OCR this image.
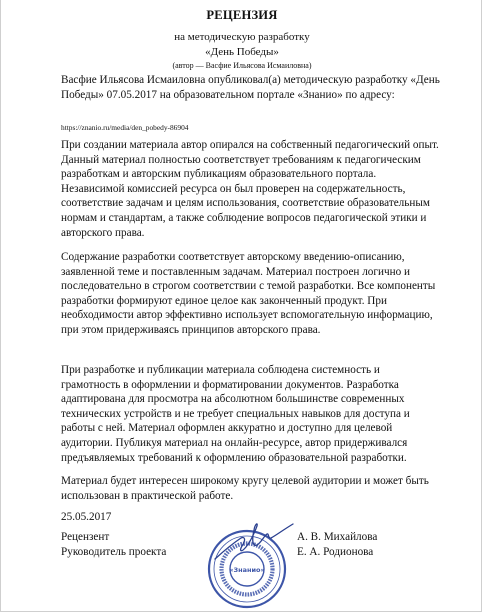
РЕЦЕНЗИЯ
на методическую разработку
«День Победы»
(автор — Васфие Ильясова Исмаиловна)
Васфие Ильясова Исмаиловна опубликовал(а) методическую разработку «День Победы» 07.05.2017 на образовательном портале «Знанио» по адресу:
https://znanio.ru/media/den_pobedy-86904

При создании материала автор опирался на собственный педагогический опыт. Данный материал полностью соответствует требованиям к педагогическим разработкам и авторским публикациям образовательного портала. Независимой комиссией ресурса он был проверен на содержательность, соответствие задачам и целям использования, соответствие образовательным нормам и стандартам, а также соблюдение вопросов педагогической этики и авторского права.

Содержание разработки соответствует авторскому введению-описанию, заявленной теме и поставленным задачам. Материал построен логично и последовательно в строгом соответствии с темой разработки. Все компоненты разработки формируют единое целое как законченный продукт. При необходимости автор эффективно использует вспомогательную информацию, при этом придерживаясь принципов авторского права.

При разработке и публикации материала соблюдена системность и грамотность в оформлении и форматировании документов. Разработка адаптирована для просмотра на абсолютном большинстве современных технических устройств и не требует специальных навыков для доступа и работы с ней. Материал оформлен аккуратно и доступно для целевой аудитории. Публикуя материал на онлайн-ресурсе, автор придерживался предъявляемых требований к оформлению образовательной разработки.

Материал будет интересен широкому кругу целевой аудитории и может быть использован в практической работе.

25.05.2017
«Знанио»
Рецензент	А. В. Михайлова
Руководитель проекта	Е. А. Родионова
